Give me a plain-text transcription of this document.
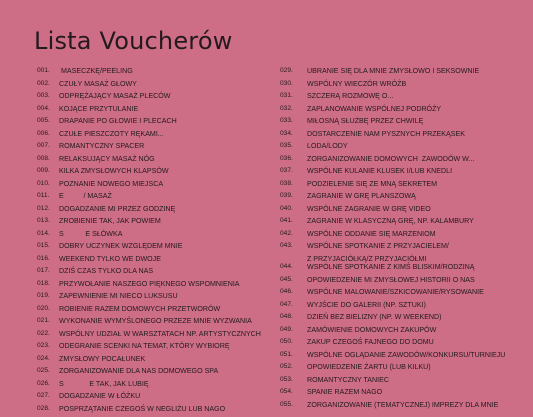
Lista Voucherów
001.	MASECZKĘ/PEELING
002.	CZUŁY MASAŻ GŁOWY
003.	ODPRĘŻAJĄCY MASAŻ PLECÓW
004.	KOJĄCE PRZYTULANIE
005.	DRAPANIE PO GŁOWIE I PLECACH
006.	CZUŁE PIESZCZOTY RĘKAMI...
007.	ROMANTYCZNY SPACER
008.	RELAKSUJĄCY MASAŻ NÓG
009.	KILKA ZMYSŁOWYCH KLAPSÓW
010.	POZNANIE NOWEGO MIEJSCA
011.	E          / MASAŻ
012.	DOGADZANIE MI PRZEZ GODZINĘ
013.	ZROBIENIE TAK, JAK POWIEM
014.	S           E SŁÓWKA
015.	DOBRY UCZYNEK WZGLĘDEM MNIE
016.	WEEKEND TYLKO WE DWOJE
017.	DZIŚ CZAS TYLKO DLA NAS
018.	PRZYWOŁANIE NASZEGO PIĘKNEGO WSPOMNIENIA
019.	ZAPEWNIENIE MI NIECO LUKSUSU
020.	ROBIENIE RAZEM DOMOWYCH PRZETWORÓW
021.	WYKONANIE WYMYŚLONEGO PRZEZE MNIE WYZWANIA
022.	WSPÓLNY UDZIAŁ W WARSZTATACH NP. ARTYSTYCZNYCH
023.	ODEGRANIE SCENKI NA TEMAT, KTÓRY WYBIORĘ
024.	ZMYSŁOWY POCAŁUNEK
025.	ZORGANIZOWANIE DLA NAS DOMOWEGO SPA
026.	S             E TAK, JAK LUBIĘ
027.	DOGADZANIE W ŁÓŻKU
028.	POSPRZĄTANIE CZEGOŚ W NEGLIŻU LUB NAGO
029.	UBRANIE SIĘ DLA MNIE ZMYSŁOWO I SEKSOWNIE
030.	WSPÓLNY WIECZÓR WRÓŻB
031.	SZCZERĄ ROZMOWĘ O...
032.	ZAPLANOWANIE WSPÓLNEJ PODRÓŻY
033.	MIŁOSNĄ SŁUŻBĘ PRZEZ CHWILĘ
034.	DOSTARCZENIE NAM PYSZNYCH PRZEKĄSEK
035.	LODA/LODY
036.	ZORGANIZOWANIE DOMOWYCH  ZAWODÓW W...
037.	WSPÓLNE KULANIE KLUSEK I/LUB KNEDLI
038.	PODZIELENIE SIĘ ZE MNĄ SEKRETEM
039.	ZAGRANIE W GRĘ PLANSZOWĄ
040.	WSPÓLNE ZAGRANIE W GRĘ VIDEO
041.	ZAGRANIE W KLASYCZNĄ GRĘ, NP. KALAMBURY
042.	WSPÓLNE ODDANIE SIĘ MARZENIOM
043.	WSPÓLNE SPOTKANIE Z PRZYJACIELEM/
Z PRZYJACIÓŁKĄ/Z PRZYJACIÓŁMI
044.	WSPÓLNE SPOTKANIE Z KIMŚ BLISKIM/RODZINĄ
045.	OPOWIEDZENIE MI ZMYSŁOWEJ HISTORII O NAS
046.	WSPÓLNE MALOWANIE/SZKICOWANIE/RYSOWANIE
047.	WYJŚCIE DO GALERII (NP. SZTUKI)
048.	DZIEŃ BEZ BIELIZNY (NP. W WEEKEND)
049.	ZAMÓWIENIE DOMOWYCH ZAKUPÓW
050.	ZAKUP CZEGOŚ FAJNEGO DO DOMU
051.	WSPÓLNE OGLĄDANIE ZAWODÓW/KONKURSU/TURNIEJU
052.	OPOWIEDZENIE ŻARTU (LUB KILKU)
053.	ROMANTYCZNY TANIEC
054.	SPANIE RAZEM NAGO
055.	ZORGANIZOWANIE (TEMATYCZNEJ) IMPREZY DLA MNIE
